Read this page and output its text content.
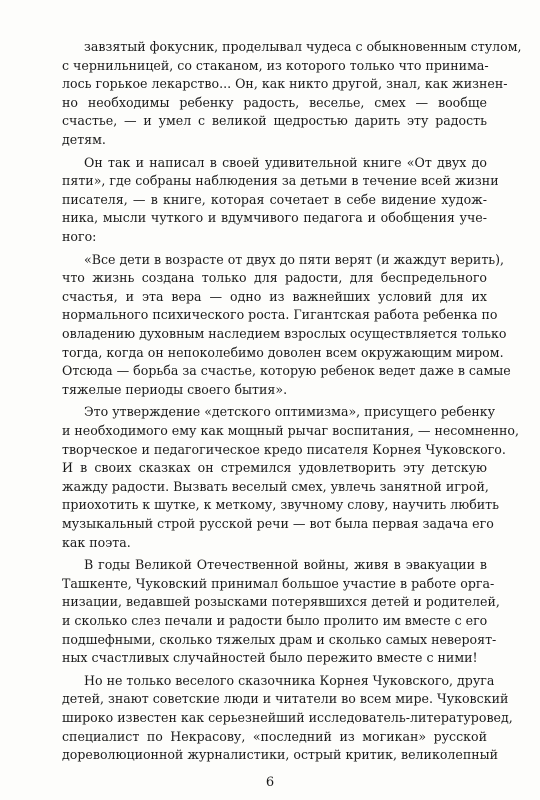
завзятый фокусник, проделывал чудеса с обыкновенным стулом,
с чернильницей, со стаканом, из которого только что принима-
лось горькое лекарство... Он, как никто другой, знал, как жизнен-
но необходимы ребенку радость, веселье, смех — вообще
счастье, — и умел с великой щедростью дарить эту радость
детям.
Он так и написал в своей удивительной книге «От двух до
пяти», где собраны наблюдения за детьми в течение всей жизни
писателя, — в книге, которая сочетает в себе видение худож-
ника, мысли чуткого и вдумчивого педагога и обобщения уче-
ного:
«Все дети в возрасте от двух до пяти верят (и жаждут верить),
что жизнь создана только для радости, для беспредельного
счастья, и эта вера — одно из важнейших условий для их
нормального психического роста. Гигантская работа ребенка по
овладению духовным наследием взрослых осуществляется только
тогда, когда он непоколебимо доволен всем окружающим миром.
Отсюда — борьба за счастье, которую ребенок ведет даже в самые
тяжелые периоды своего бытия».
Это утверждение «детского оптимизма», присущего ребенку
и необходимого ему как мощный рычаг воспитания, — несомненно,
творческое и педагогическое кредо писателя Корнея Чуковского.
И в своих сказках он стремился удовлетворить эту детскую
жажду радости. Вызвать веселый смех, увлечь занятной игрой,
приохотить к шутке, к меткому, звучному слову, научить любить
музыкальный строй русской речи — вот была первая задача его
как поэта.
В годы Великой Отечественной войны, живя в эвакуации в
Ташкенте, Чуковский принимал большое участие в работе орга-
низации, ведавшей розысками потерявшихся детей и родителей,
и сколько слез печали и радости было пролито им вместе с его
подшефными, сколько тяжелых драм и сколько самых невероят-
ных счастливых случайностей было пережито вместе с ними!
Но не только веселого сказочника Корнея Чуковского, друга
детей, знают советские люди и читатели во всем мире. Чуковский
широко известен как серьезнейший исследователь-литературовед,
специалист по Некрасову, «последний из могикан» русской
дореволюционной журналистики, острый критик, великолепный
6
